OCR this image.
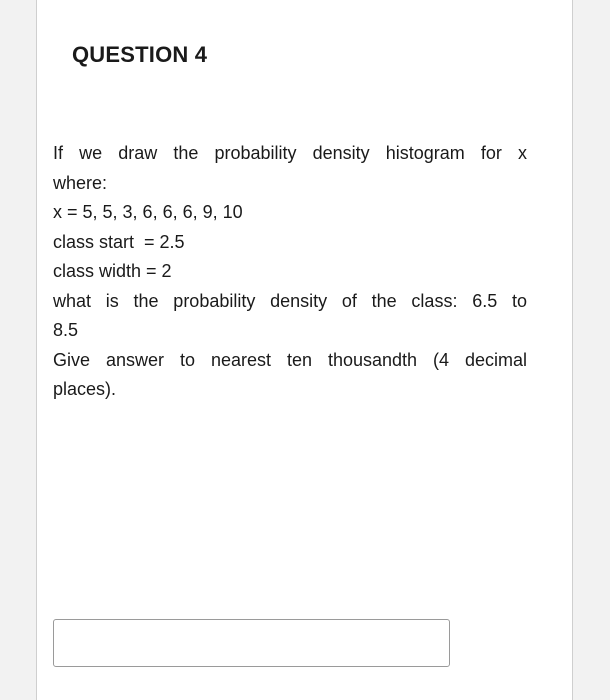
QUESTION 4
If we draw the probability density histogram for x
where:
x = 5, 5, 3, 6, 6, 6, 9, 10
class start  = 2.5
class width = 2
what is the probability density of the class: 6.5 to
8.5
Give answer to nearest ten thousandth (4 decimal
places).
